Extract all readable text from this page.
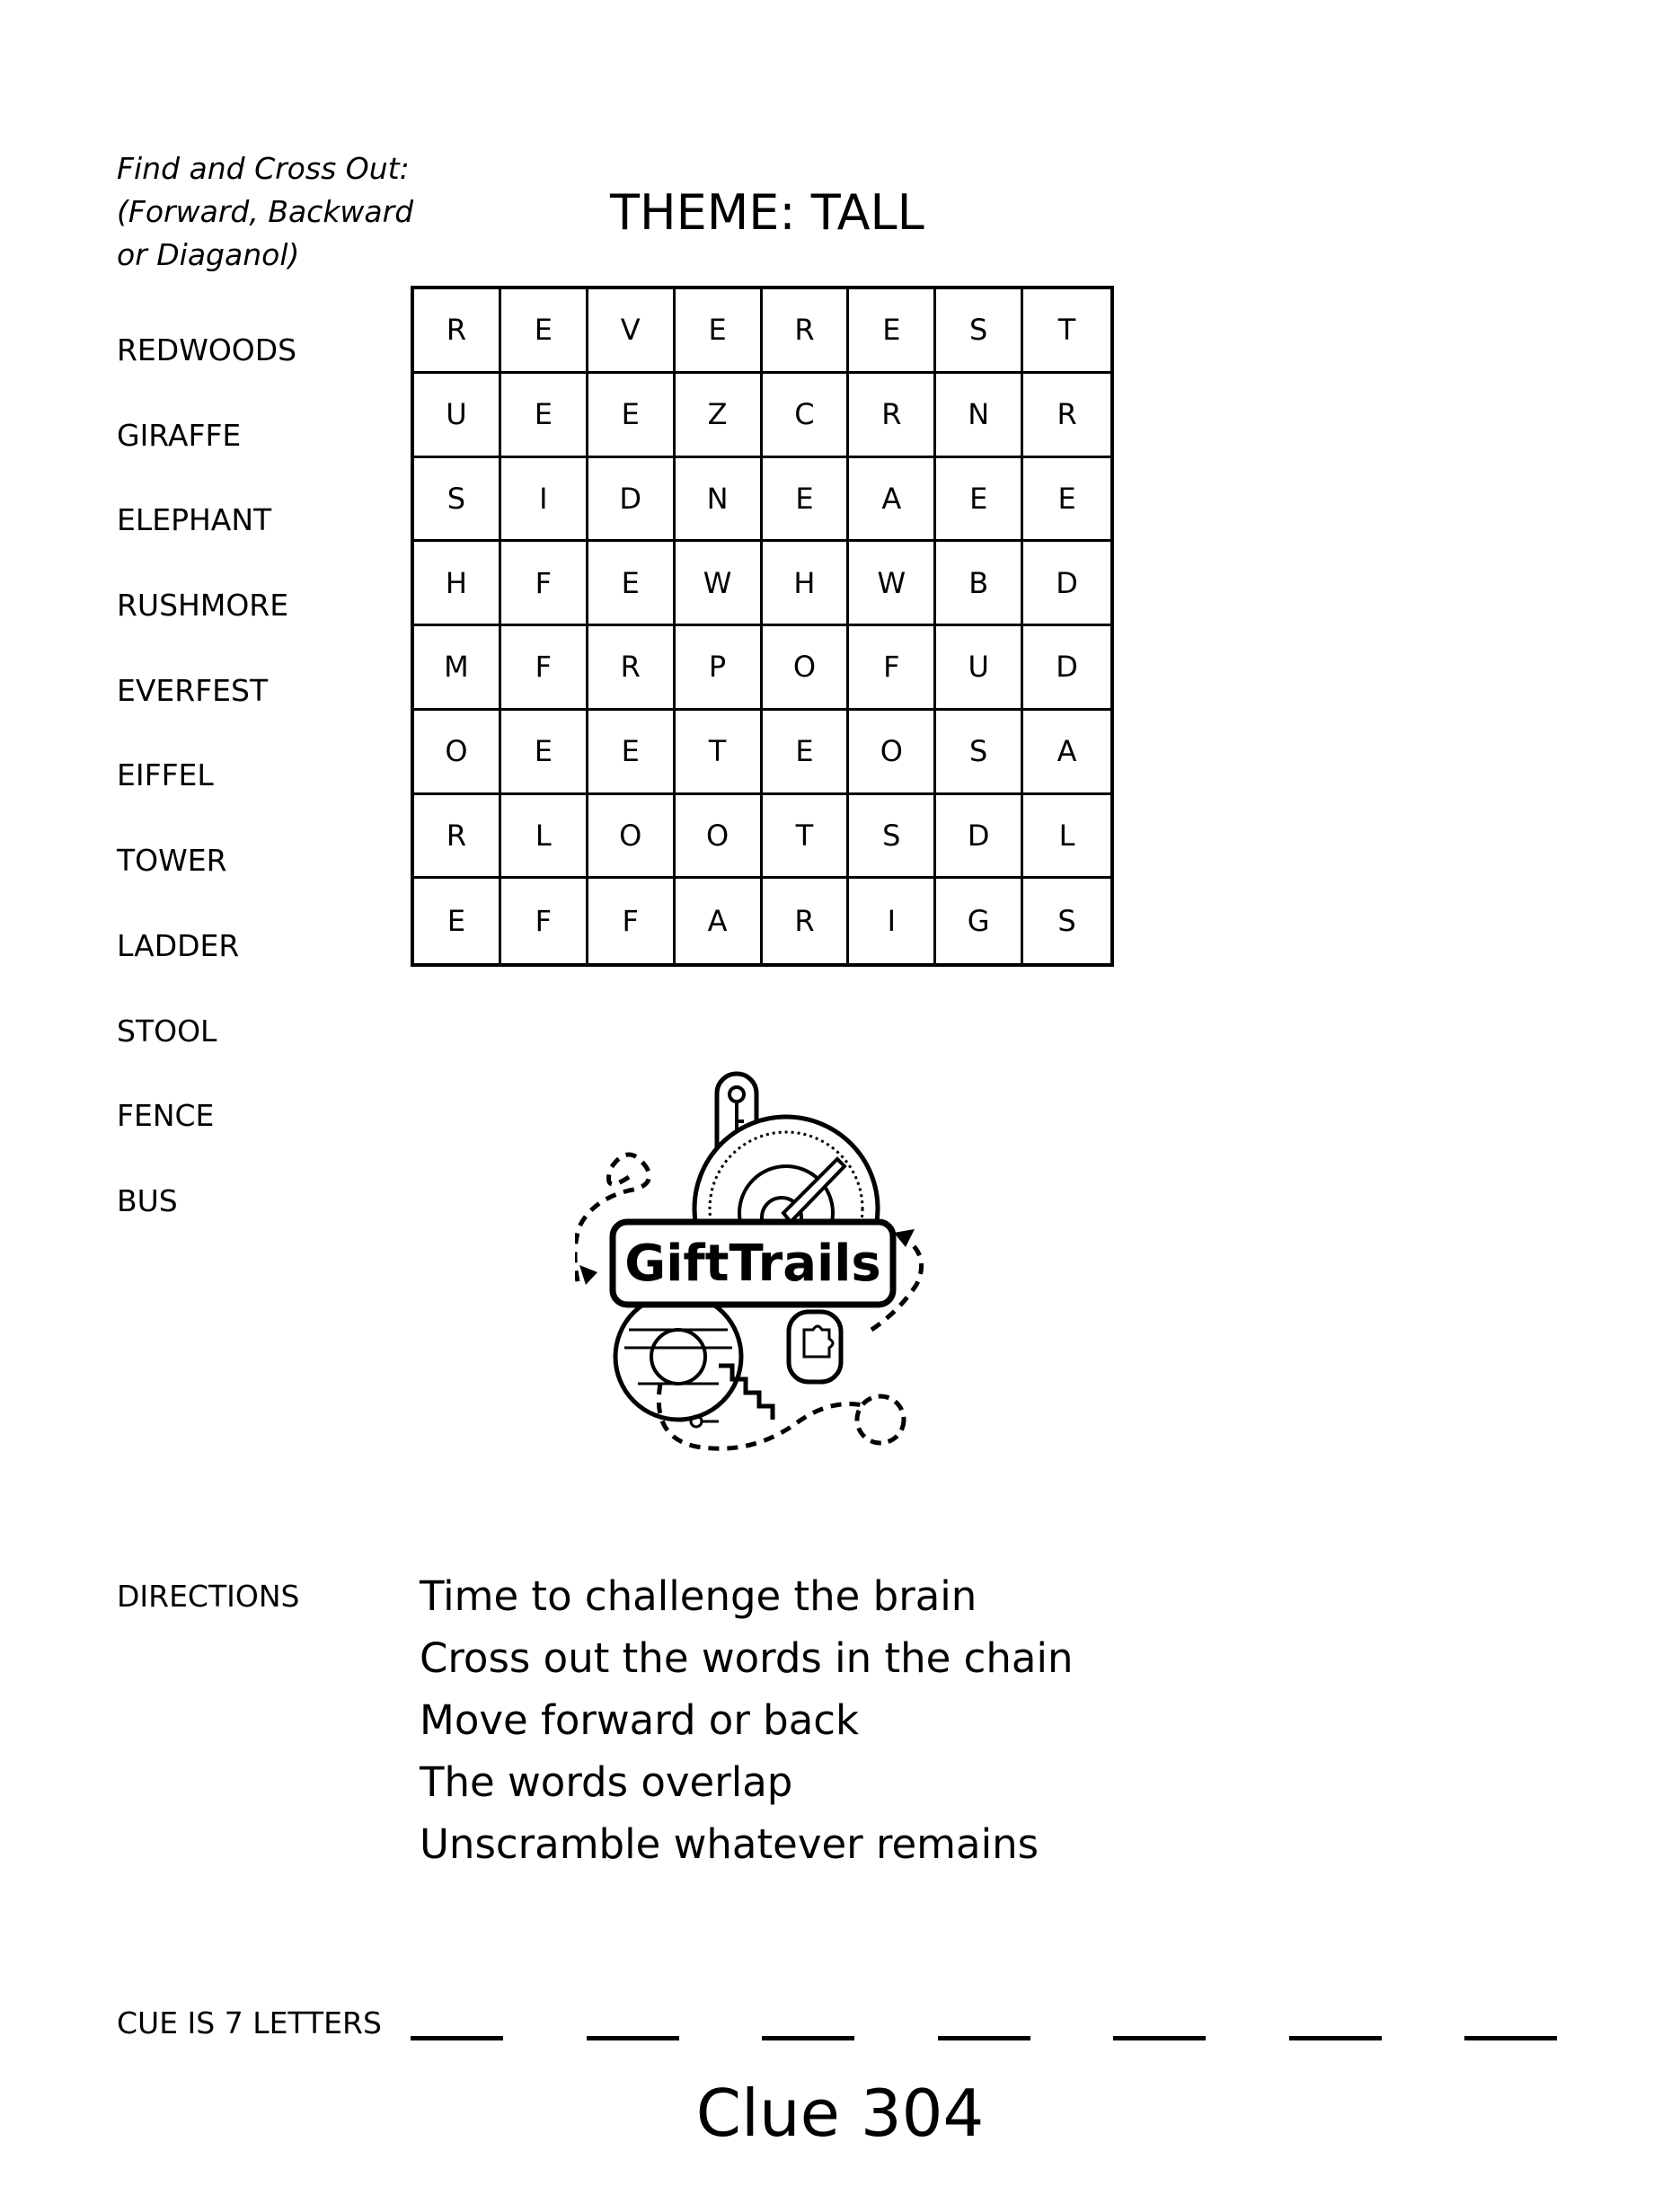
Find and Cross Out:
(Forward, Backward
or Diaganol)
THEME: TALL
REDWOODS
GIRAFFE
ELEPHANT
RUSHMORE
EVERFEST
EIFFEL
TOWER
LADDER
STOOL
FENCE
BUS
R	E	V	E	R	E	S	T
U	E	E	Z	C	R	N	R
S	I	D	N	E	A	E	E
H	F	E	W	H	W	B	D
M	F	R	P	O	F	U	D
O	E	E	T	E	O	S	A
R	L	O	O	T	S	D	L
E	F	F	A	R	I	G	S
GiftTrails
DIRECTIONS	Time to challenge the brain
Cross out the words in the chain
Move forward or back
The words overlap
Unscramble whatever remains
CUE IS 7 LETTERS
Clue 304
